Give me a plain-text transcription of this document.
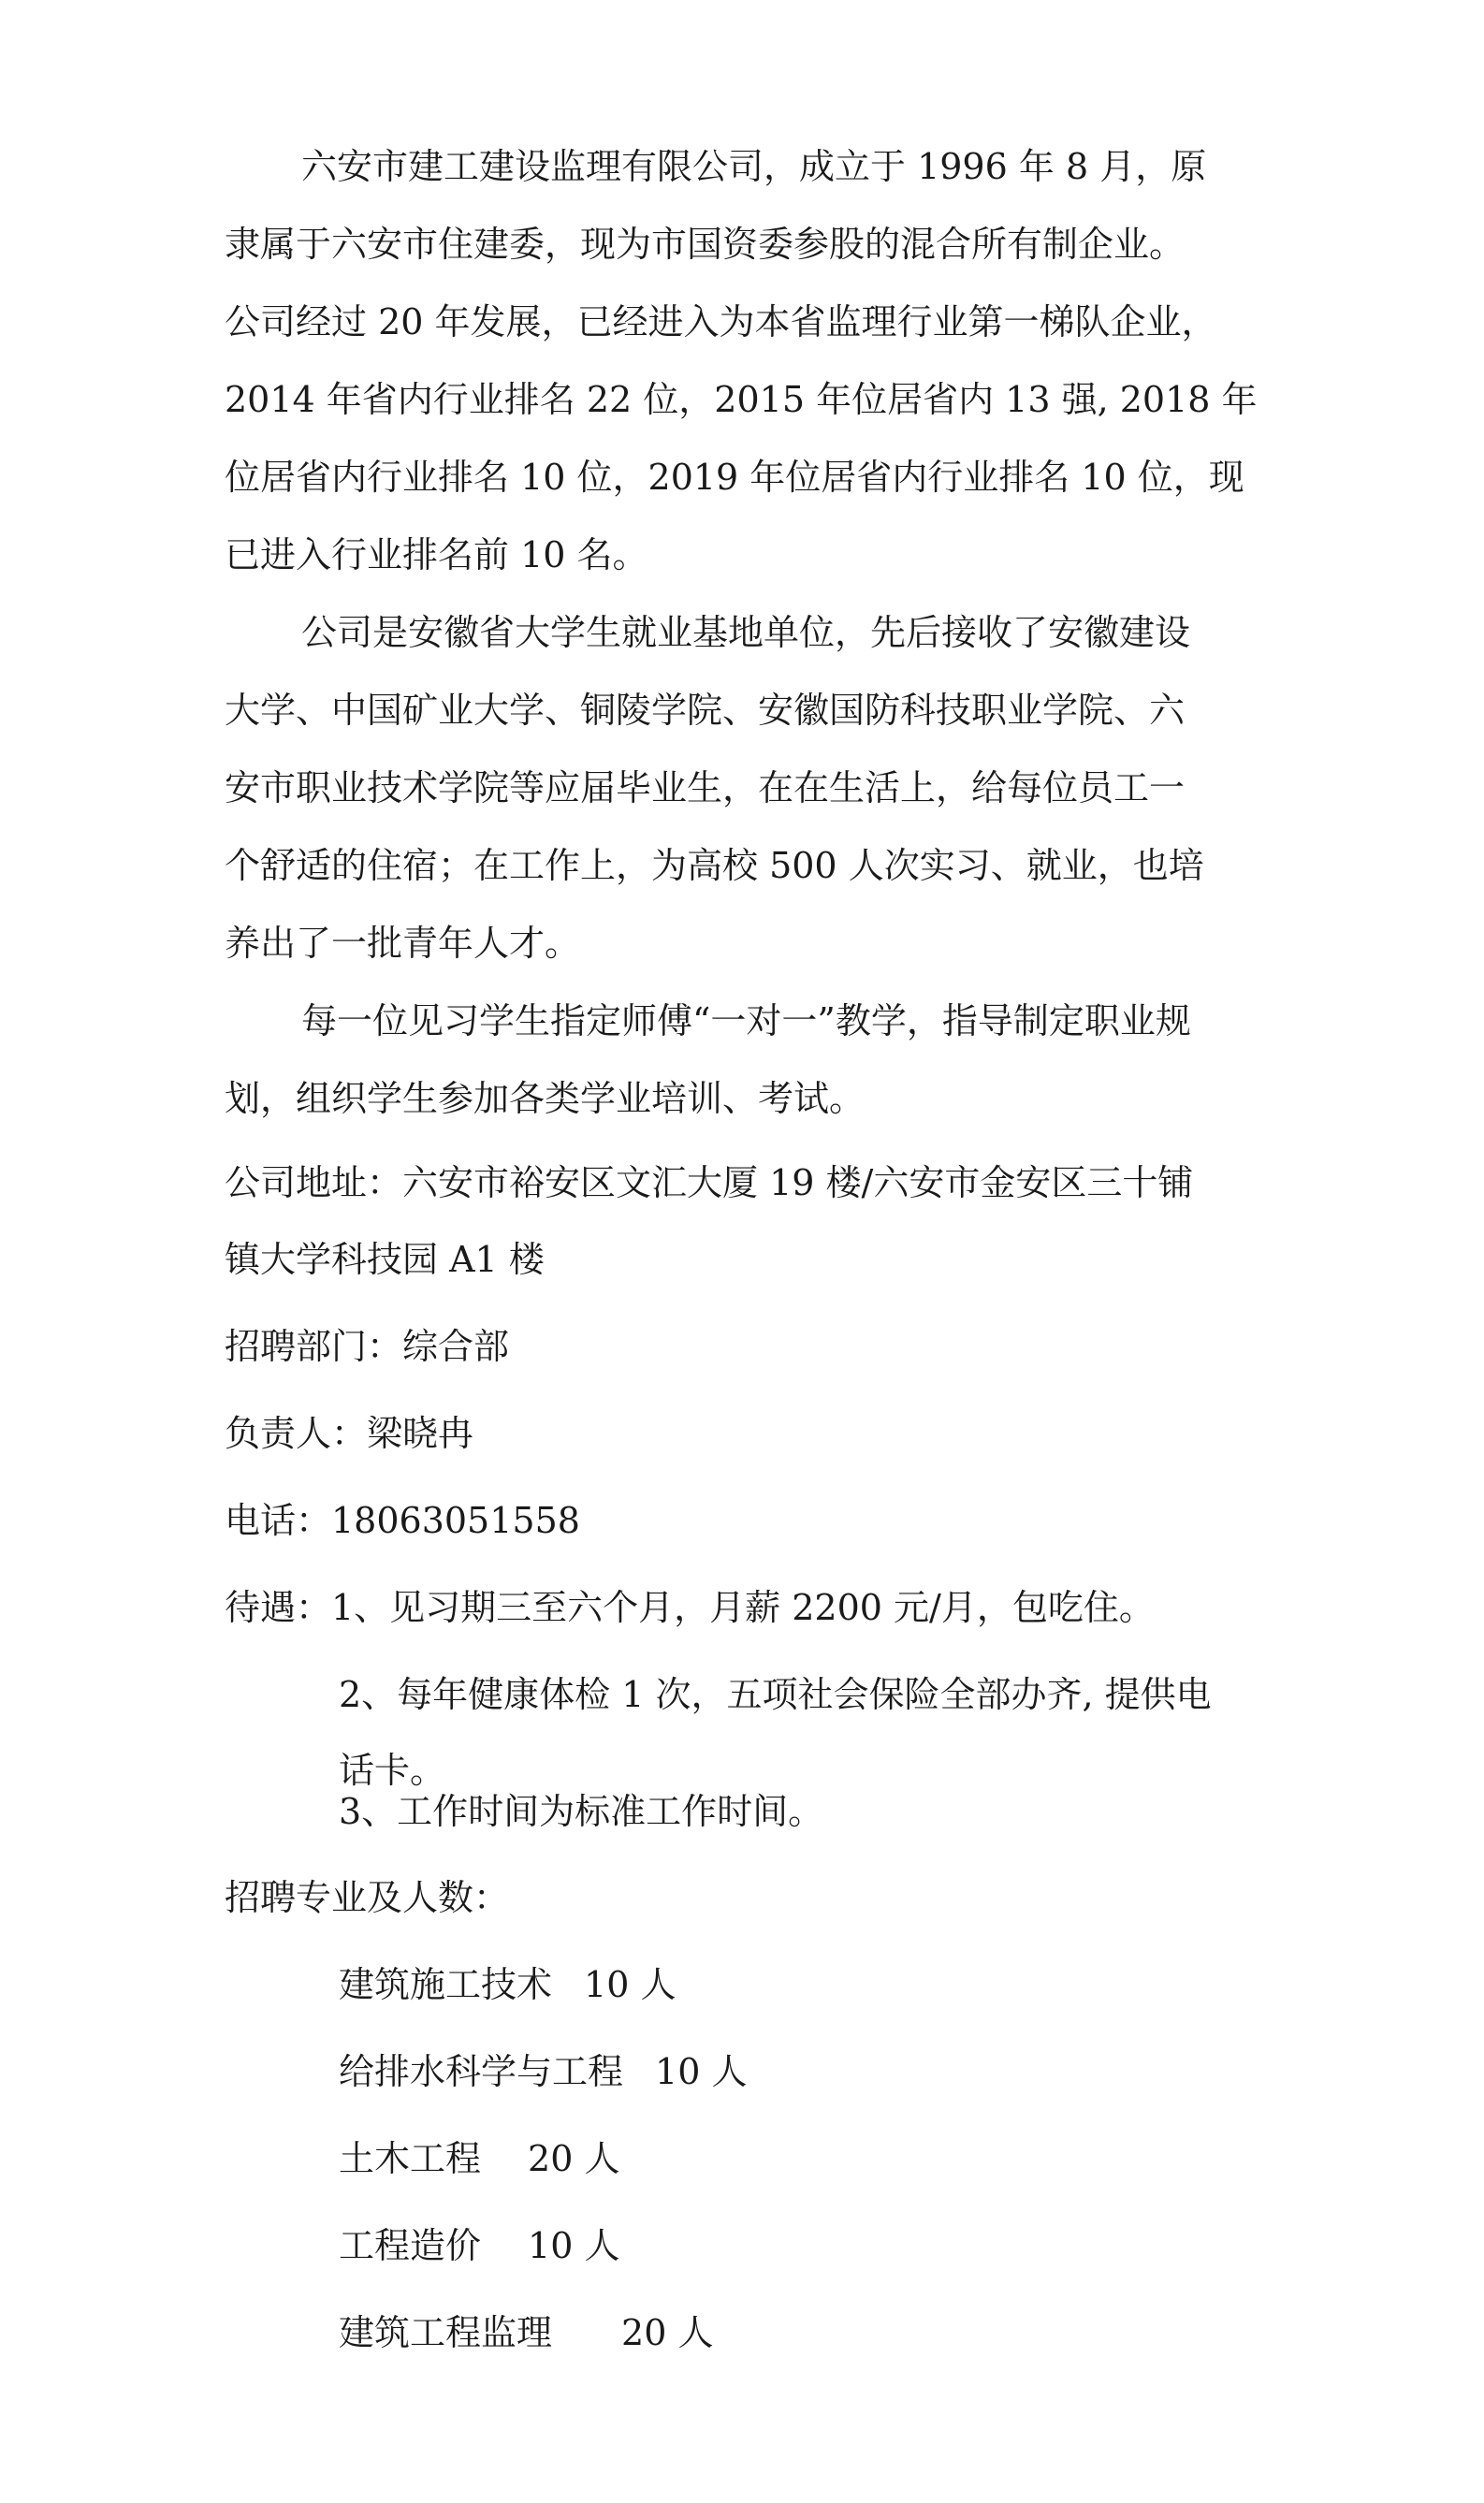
六安市建工建设监理有限公司，成立于 1996 年 8 月，原
隶属于六安市住建委，现为市国资委参股的混合所有制企业。
公司经过 20 年发展，已经进入为本省监理行业第一梯队企业，
2014 年省内行业排名 22 位，2015 年位居省内 13 强, 2018 年
位居省内行业排名 10 位，2019 年位居省内行业排名 10 位，现
已进入行业排名前 10 名。
公司是安徽省大学生就业基地单位，先后接收了安徽建设
大学、中国矿业大学、铜陵学院、安徽国防科技职业学院、六
安市职业技术学院等应届毕业生，在在生活上，给每位员工一
个舒适的住宿；在工作上，为高校 500 人次实习、就业，也培
养出了一批青年人才。
每一位见习学生指定师傅“一对一”教学，指导制定职业规
划，组织学生参加各类学业培训、考试。
公司地址：六安市裕安区文汇大厦 19 楼/六安市金安区三十铺
镇大学科技园 A1 楼
招聘部门：综合部
负责人：梁晓冉
电话：18063051558
待遇：1、见习期三至六个月，月薪 2200 元/月，包吃住。
2、每年健康体检 1 次，五项社会保险全部办齐, 提供电
话卡。
3、工作时间为标准工作时间。
招聘专业及人数：
建筑施工技术 10 人
给排水科学与工程 10 人
土木工程 20 人
工程造价 10 人
建筑工程监理 20 人
